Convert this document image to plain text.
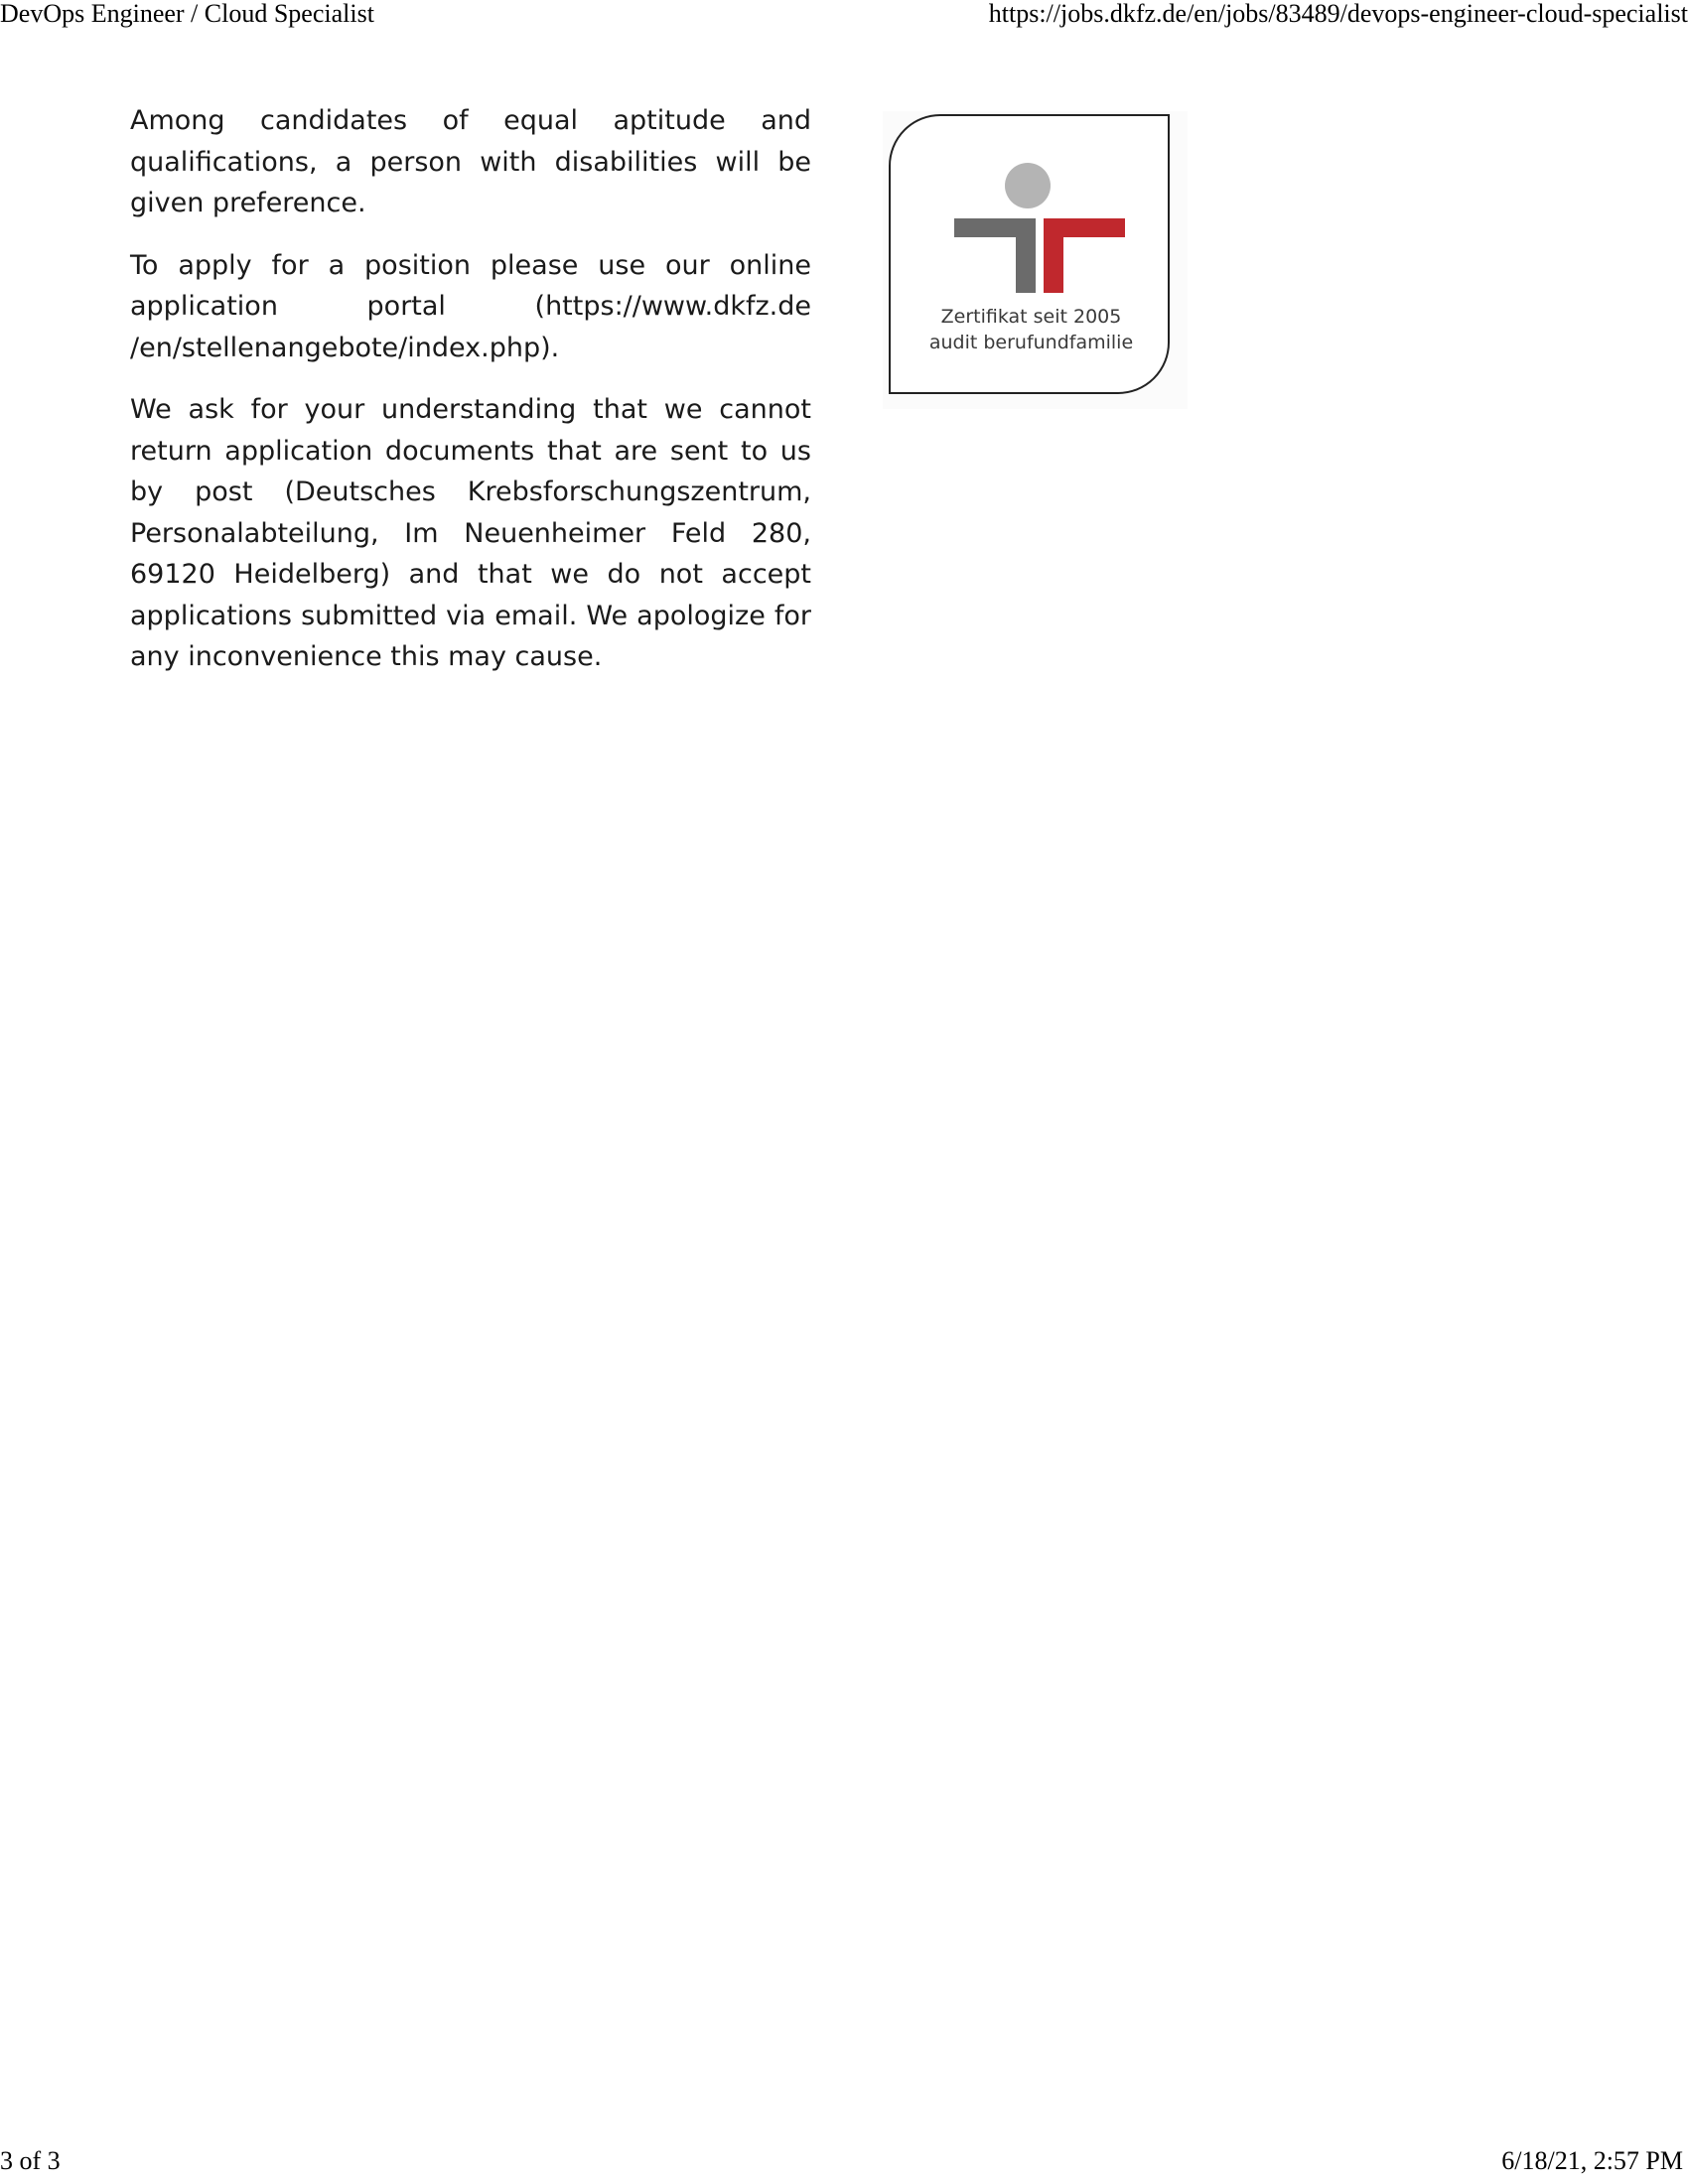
DevOps Engineer / Cloud Specialist	https://jobs.dkfz.de/en/jobs/83489/devops-engineer-cloud-specialist

Among candidates of equal aptitude and qualifications, a person with disabilities will be given preference.

To apply for a position please use our online application portal (https://www.dkfz.de /en/stellenangebote/index.php).

We ask for your understanding that we cannot return application documents that are sent to us by post (Deutsches Krebsforschungszentrum, Personalabteilung, Im Neuenheimer Feld 280, 69120 Heidelberg) and that we do not accept applications submitted via email. We apologize for any inconvenience this may cause.

Zertifikat seit 2005
audit berufundfamilie
3 of 3	6/18/21, 2:57 PM
